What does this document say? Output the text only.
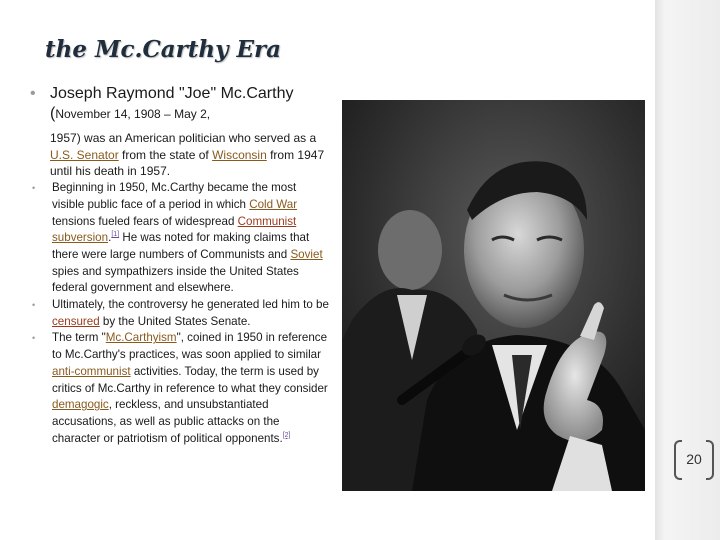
the Mc.Carthy Era
• Joseph Raymond "Joe" Mc.Carthy (November 14, 1908 – May 2,
1957) was an American politician who served as a U.S. Senator from the state of Wisconsin from 1947 until his death in 1957.
• Beginning in 1950, Mc.Carthy became the most visible public face of a period in which Cold War tensions fueled fears of widespread Communist subversion.[1] He was noted for making claims that there were large numbers of Communists and Soviet spies and sympathizers inside the United States federal government and elsewhere.
• Ultimately, the controversy he generated led him to be censured by the United States Senate.
• The term "Mc.Carthyism", coined in 1950 in reference to Mc.Carthy's practices, was soon applied to similar anti-communist activities. Today, the term is used by critics of Mc.Carthy in reference to what they consider demagogic, reckless, and unsubstantiated accusations, as well as public attacks on the character or patriotism of political opponents.[2]
20
